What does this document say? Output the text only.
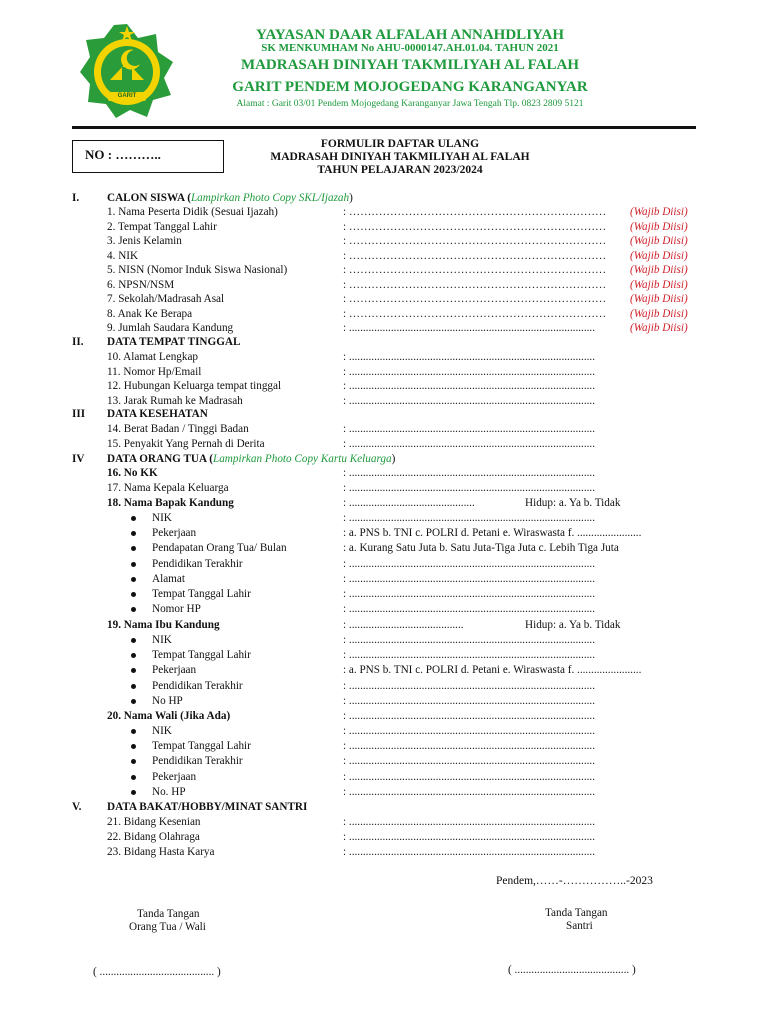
GARIT
YAYASAN DAAR ALFALAH ANNAHDLIYAH
SK MENKUMHAM No AHU-0000147.AH.01.04. TAHUN 2021
MADRASAH DINIYAH TAKMILIYAH AL FALAH
GARIT PENDEM MOJOGEDANG KARANGANYAR
Alamat : Garit 03/01 Pendem Mojogedang Karanganyar Jawa Tengah Tlp. 0823 2809 5121
NO : ………..
FORMULIR DAFTAR ULANG
MADRASAH DINIYAH TAKMILIYAH AL FALAH
TAHUN PELAJARAN 2023/2024
I. CALON SISWA (Lampirkan Photo Copy SKL/Ijazah)
1. Nama Peserta Didik (Sesuai Ijazah)	: …………………………………………………………… (Wajib Diisi)
2. Tempat Tanggal Lahir	: …………………………………………………………… (Wajib Diisi)
3. Jenis Kelamin	: …………………………………………………………… (Wajib Diisi)
4. NIK	: …………………………………………………………… (Wajib Diisi)
5. NISN (Nomor Induk Siswa Nasional)	: …………………………………………………………… (Wajib Diisi)
6. NPSN/NSM	: …………………………………………………………… (Wajib Diisi)
7. Sekolah/Madrasah Asal	: …………………………………………………………… (Wajib Diisi)
8. Anak Ke Berapa	: …………………………………………………………… (Wajib Diisi)
9. Jumlah Saudara Kandung	: ........................................................................................	(Wajib Diisi)
II. DATA TEMPAT TINGGAL
10. Alamat Lengkap	: ........................................................................................
11. Nomor Hp/Email	: ........................................................................................
12. Hubungan Keluarga tempat tinggal	: ........................................................................................
13. Jarak Rumah ke Madrasah	: ........................................................................................
III DATA KESEHATAN
14. Berat Badan / Tinggi Badan	: ........................................................................................
15. Penyakit Yang Pernah di Derita	: ........................................................................................
IV DATA ORANG TUA (Lampirkan Photo Copy Kartu Keluarga)
16. No KK	: ........................................................................................
17. Nama Kepala Keluarga	: ........................................................................................
18. Nama Bapak Kandung	: .............................................	Hidup: a. Ya b. Tidak
NIK	: ........................................................................................
Pekerjaan	: a. PNS b. TNI c. POLRI d. Petani e. Wiraswasta f. .......................
Pendapatan Orang Tua/ Bulan	: a. Kurang Satu Juta b. Satu Juta-Tiga Juta c. Lebih Tiga Juta
Pendidikan Terakhir	: ........................................................................................
Alamat	: ........................................................................................
Tempat Tanggal Lahir	: ........................................................................................
Nomor HP	: ........................................................................................
19. Nama Ibu Kandung	: .........................................	Hidup: a. Ya b. Tidak
NIK	: ........................................................................................
Tempat Tanggal Lahir	: ........................................................................................
Pekerjaan	: a. PNS b. TNI c. POLRI d. Petani e. Wiraswasta f. .......................
Pendidikan Terakhir	: ........................................................................................
No HP	: ........................................................................................
20. Nama Wali (Jika Ada)	: ........................................................................................
NIK	: ........................................................................................
Tempat Tanggal Lahir	: ........................................................................................
Pendidikan Terakhir	: ........................................................................................
Pekerjaan	: ........................................................................................
No. HP	: ........................................................................................
V. DATA BAKAT/HOBBY/MINAT SANTRI
21. Bidang Kesenian	: ........................................................................................
22. Bidang Olahraga	: ........................................................................................
23. Bidang Hasta Karya	: ........................................................................................
Pendem,……-……………..-2023
Tanda Tangan
Orang Tua / Wali
Tanda Tangan
Santri
( ......................................... )	( ......................................... )
